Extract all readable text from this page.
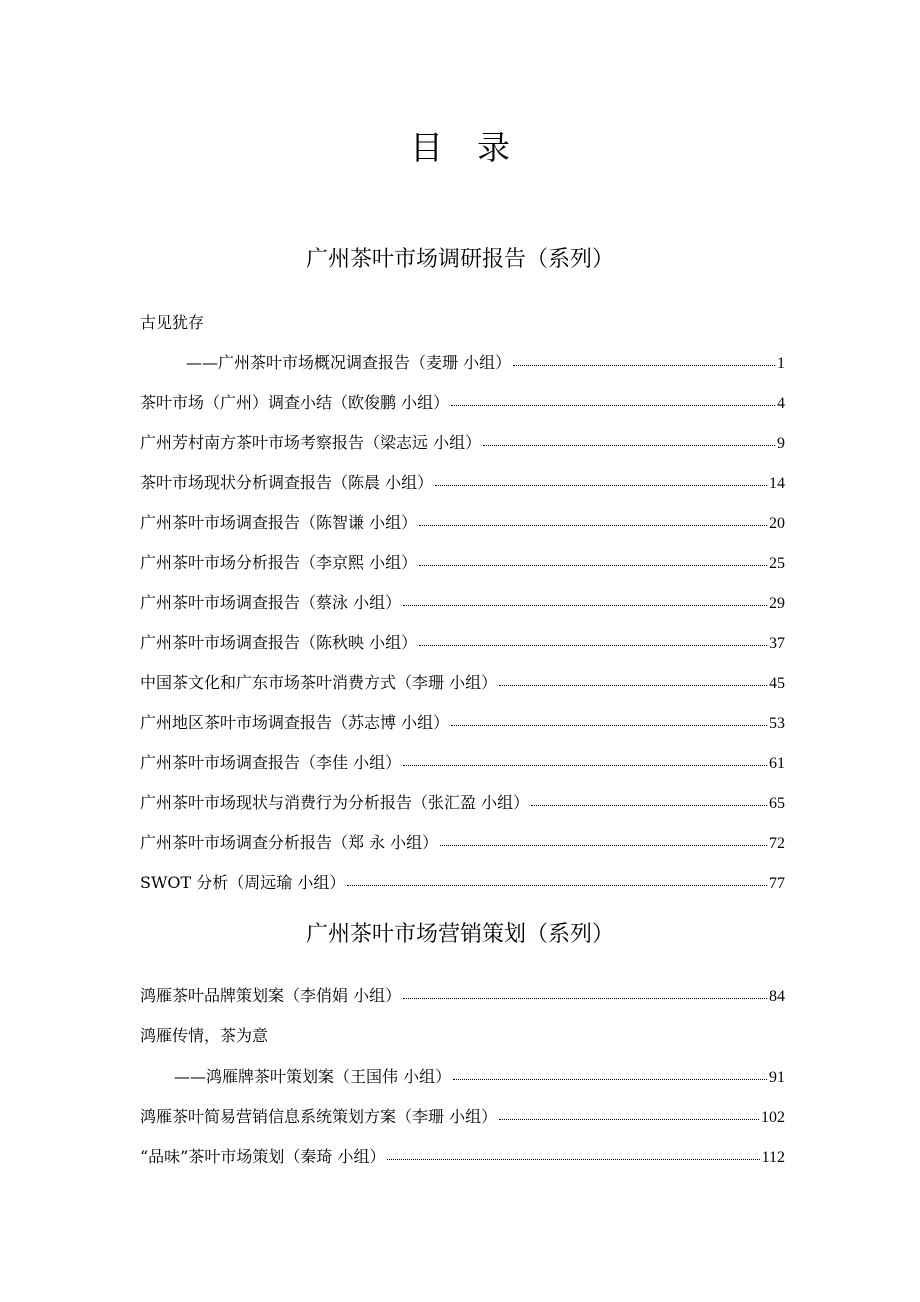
目 录
广州茶叶市场调研报告（系列）
古见犹存
——广州茶叶市场概况调查报告（麦珊 小组）	1
茶叶市场（广州）调查小结（欧俊鹏 小组）	4
广州芳村南方茶叶市场考察报告（梁志远 小组）	9
茶叶市场现状分析调查报告（陈晨 小组）	14
广州茶叶市场调查报告（陈智谦 小组）	20
广州茶叶市场分析报告（李京熙 小组）	25
广州茶叶市场调查报告（蔡泳 小组）	29
广州茶叶市场调查报告（陈秋映 小组）	37
中国茶文化和广东市场茶叶消费方式（李珊 小组）	45
广州地区茶叶市场调查报告（苏志博 小组）	53
广州茶叶市场调查报告（李佳 小组）	61
广州茶叶市场现状与消费行为分析报告（张汇盈 小组）	65
广州茶叶市场调查分析报告（郑 永 小组）	72
SWOT 分析（周远瑜 小组）	77
广州茶叶市场营销策划（系列）
鸿雁茶叶品牌策划案（李俏娟 小组）	84
鸿雁传情，茶为意
——鸿雁牌茶叶策划案（王国伟 小组）	91
鸿雁茶叶简易营销信息系统策划方案（李珊 小组）	102
“品味”茶叶市场策划（秦琦 小组）	112
